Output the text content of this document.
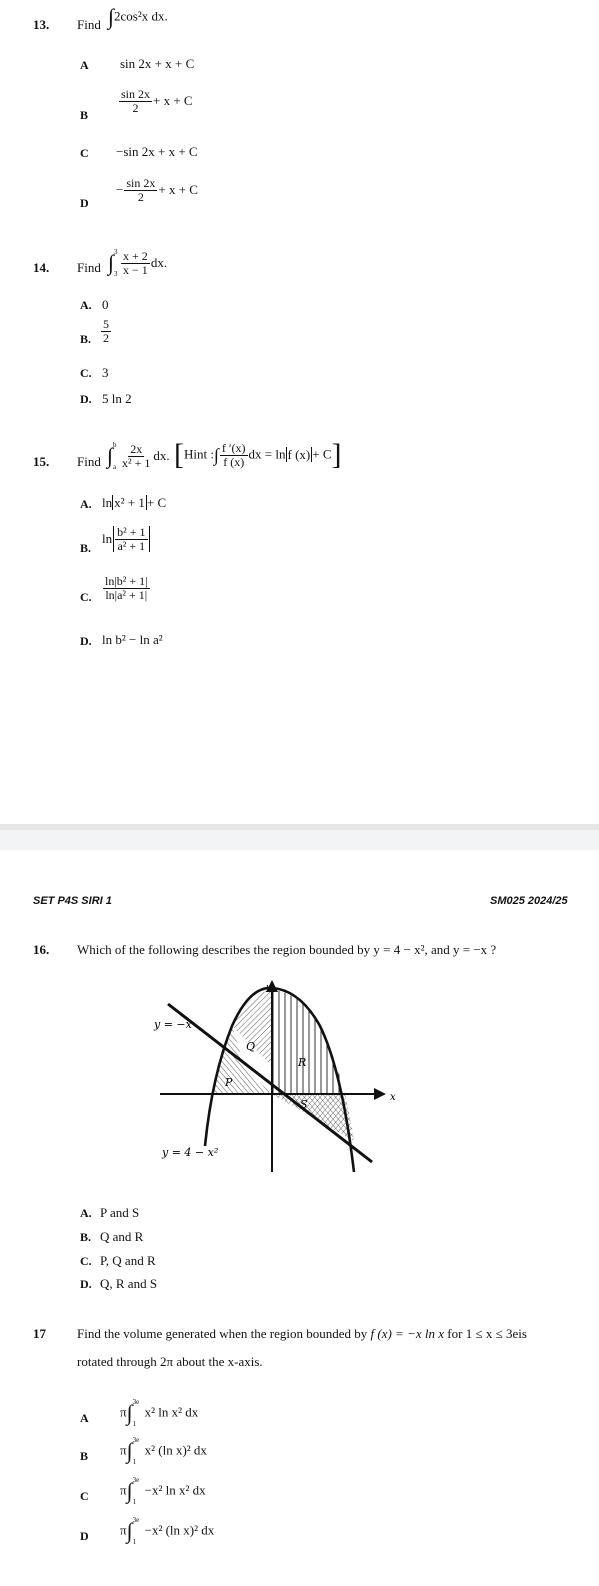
13. Find ∫2cos²x dx.
A sin 2x + x + C
B
$\frac{\sin 2x}{2} + x + C$
C −sin 2x + x + C
D
− $\frac{\sin 2x}{2} + x + C$
14. Find ∫ 3
$3 \frac{x + 2}{x - 1}$ dx.
A. 0
B. $\frac{5}{2}$
C. 3
D. 5 ln 2
15. Find ∫ b
a $\frac{2x}{\text{x² + 1}}$ dx. [Hint :∫ $\frac{f '(x)}{f (x)}$ dx = ln f (x) + C]
A. ln x² + 1 + C
B.
$\ln \frac{\text{b² + 1}}{\text{a² + 1}}$
C. $\frac{\text{ln|b² + 1|}}{\text{ln|a² + 1|}}$
D. ln b² − ln a²
SET P4S SIRI 1	SM025 2024/25
16. Which of the following describes the region bounded by y = 4 − x², and y = −x ?
y
x
y = −x
y = 4 − x²
P
Q
R
S
A. P and S
B. Q and R
C. P, Q and R
D. Q, R and S
17 Find the volume generated when the region bounded by f (x) = −x ln x for 1 ≤ x ≤ 3eis
rotated through 2π about the x-axis.
A π∫ 3e
1
x² ln x² dx
B π∫ 3e
1
x² (ln x)² dx
C π∫ 3e
1
−x² ln x² dx
D π∫ 3e
1
−x² (ln x)² dx
